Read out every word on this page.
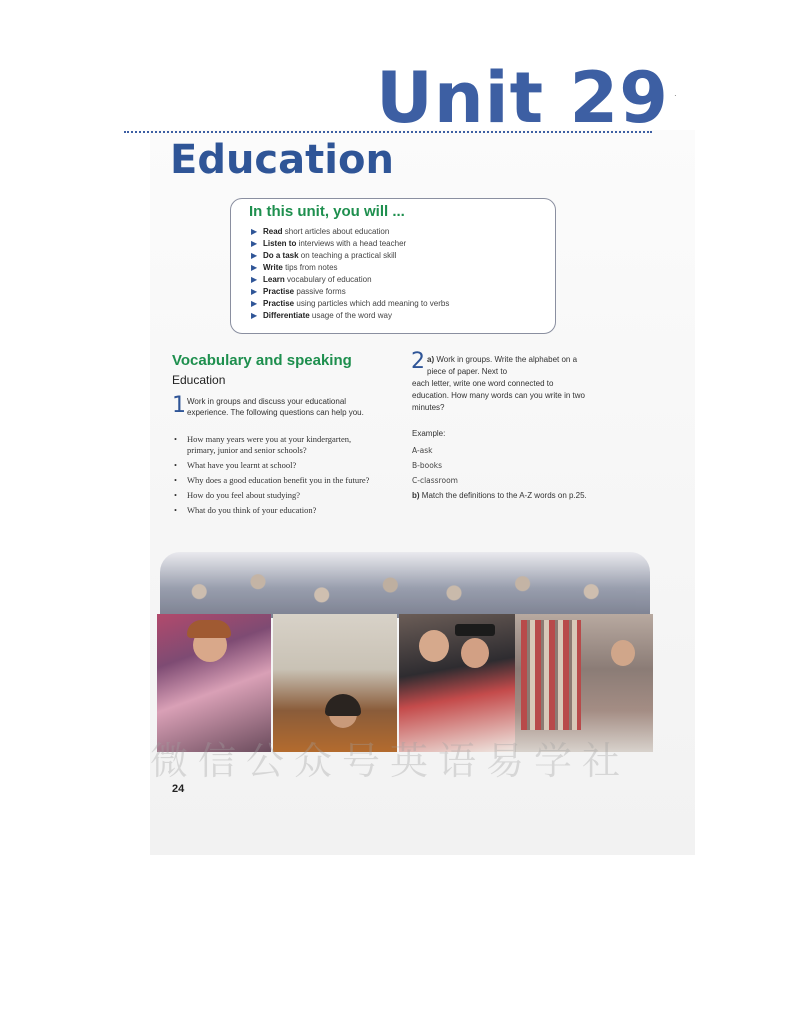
Unit 29 ·
Education
In this unit, you will ...
▶ Read short articles about education
▶ Listen to interviews with a head teacher
▶ Do a task on teaching a practical skill
▶ Write tips from notes
▶ Learn vocabulary of education
▶ Practise passive forms
▶ Practise using particles which add meaning to verbs
▶ Differentiate usage of the word way
Vocabulary and speaking
Education
1 Work in groups and discuss your educational experience. The following questions can help you.
• How many years were you at your kindergarten, primary, junior and senior schools?
• What have you learnt at school?
• Why does a good education benefit you in the future?
• How do you feel about studying?
• What do you think of your education?
2 a) Work in groups. Write the alphabet on a piece of paper. Next to
each letter, write one word connected to education. How many words can you write in two minutes?
Example:
A-ask
B-books
C-classroom
b) Match the definitions to the A-Z words on p.25.
微信公众号英语易学社
24
